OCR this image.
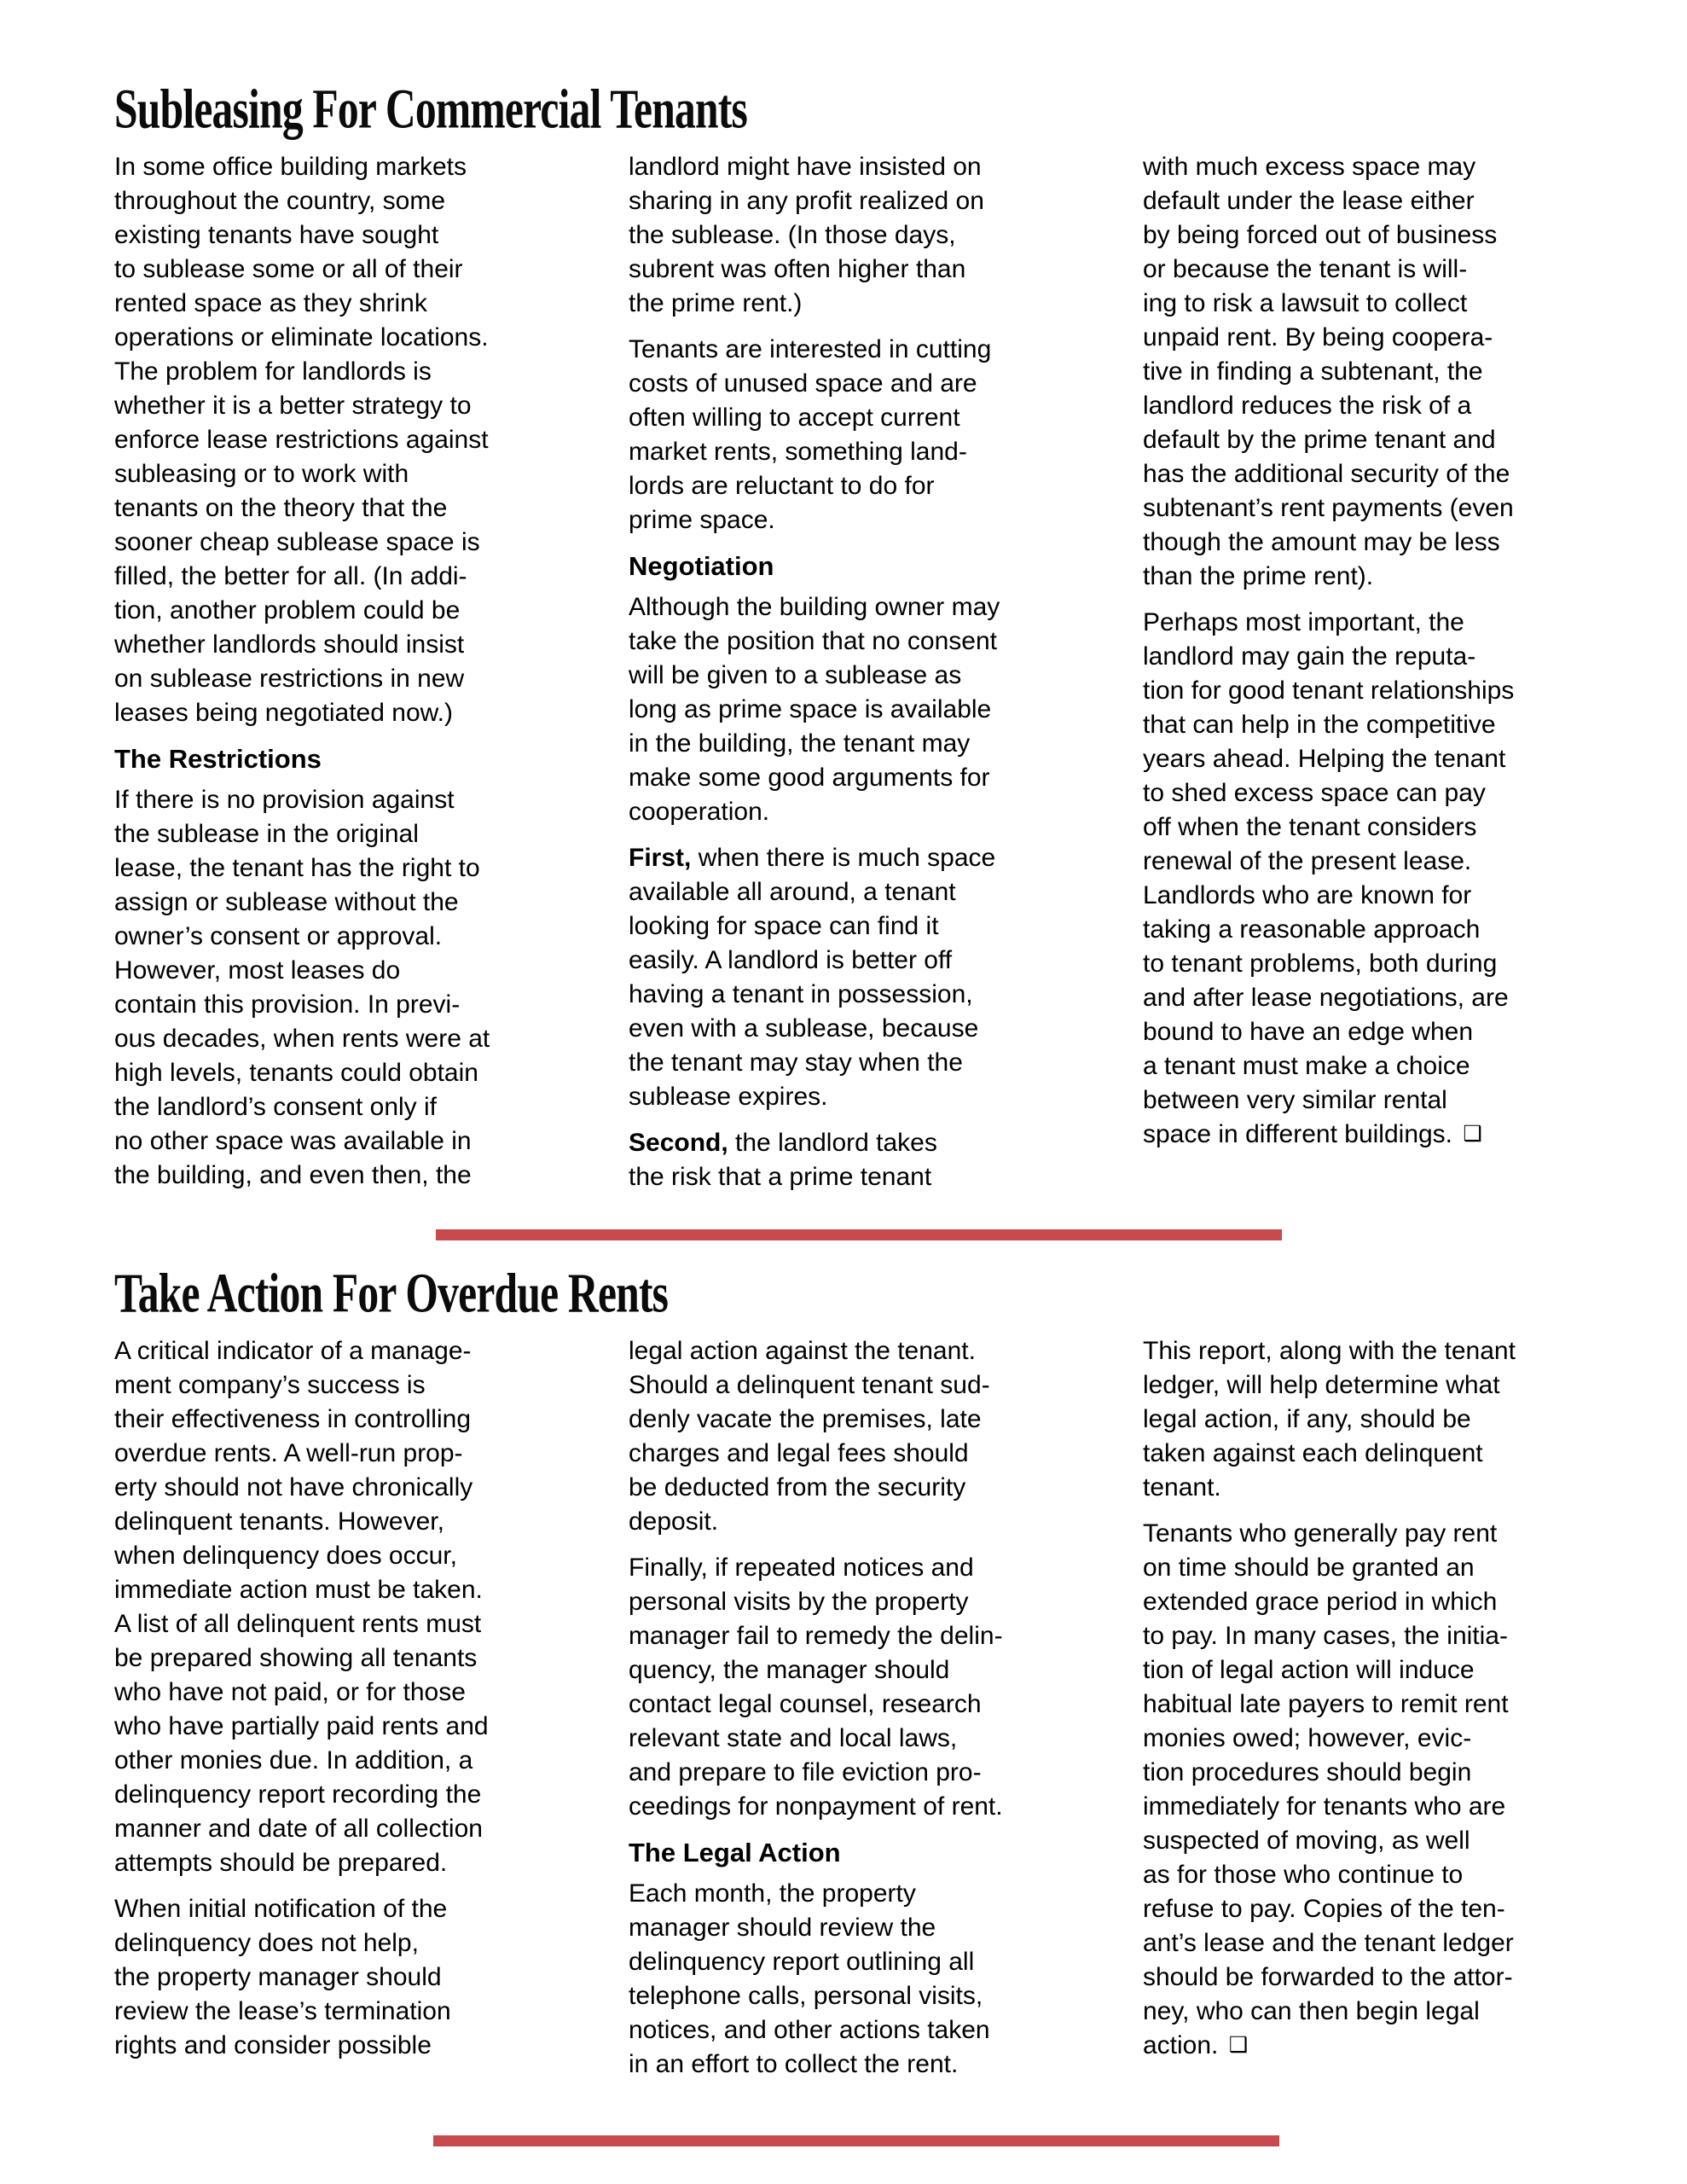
Subleasing For Commercial Tenants

In some office building markets
throughout the country, some
existing tenants have sought
to sublease some or all of their
rented space as they shrink
operations or eliminate locations.
The problem for landlords is
whether it is a better strategy to
enforce lease restrictions against
subleasing or to work with
tenants on the theory that the
sooner cheap sublease space is
filled, the better for all. (In addi-
tion, another problem could be
whether landlords should insist
on sublease restrictions in new
leases being negotiated now.)

The Restrictions

If there is no provision against
the sublease in the original
lease, the tenant has the right to
assign or sublease without the
owner’s consent or approval.
However, most leases do
contain this provision. In previ-
ous decades, when rents were at
high levels, tenants could obtain
the landlord’s consent only if
no other space was available in
the building, and even then, the

landlord might have insisted on
sharing in any profit realized on
the sublease. (In those days,
subrent was often higher than
the prime rent.)

Tenants are interested in cutting
costs of unused space and are
often willing to accept current
market rents, something land-
lords are reluctant to do for
prime space.

Negotiation

Although the building owner may
take the position that no consent
will be given to a sublease as
long as prime space is available
in the building, the tenant may
make some good arguments for
cooperation.

First, when there is much space
available all around, a tenant
looking for space can find it
easily. A landlord is better off
having a tenant in possession,
even with a sublease, because
the tenant may stay when the
sublease expires.

Second, the landlord takes
the risk that a prime tenant

with much excess space may
default under the lease either
by being forced out of business
or because the tenant is will-
ing to risk a lawsuit to collect
unpaid rent. By being coopera-
tive in finding a subtenant, the
landlord reduces the risk of a
default by the prime tenant and
has the additional security of the
subtenant’s rent payments (even
though the amount may be less
than the prime rent).

Perhaps most important, the
landlord may gain the reputa-
tion for good tenant relationships
that can help in the competitive
years ahead. Helping the tenant
to shed excess space can pay
off when the tenant considers
renewal of the present lease.
Landlords who are known for
taking a reasonable approach
to tenant problems, both during
and after lease negotiations, are
bound to have an edge when
a tenant must make a choice
between very similar rental
space in different buildings. ❑

Take Action For Overdue Rents

A critical indicator of a manage-
ment company’s success is
their effectiveness in controlling
overdue rents. A well-run prop-
erty should not have chronically
delinquent tenants. However,
when delinquency does occur,
immediate action must be taken.
A list of all delinquent rents must
be prepared showing all tenants
who have not paid, or for those
who have partially paid rents and
other monies due. In addition, a
delinquency report recording the
manner and date of all collection
attempts should be prepared.

When initial notification of the
delinquency does not help,
the property manager should
review the lease’s termination
rights and consider possible

legal action against the tenant.
Should a delinquent tenant sud-
denly vacate the premises, late
charges and legal fees should
be deducted from the security
deposit.

Finally, if repeated notices and
personal visits by the property
manager fail to remedy the delin-
quency, the manager should
contact legal counsel, research
relevant state and local laws,
and prepare to file eviction pro-
ceedings for nonpayment of rent.

The Legal Action

Each month, the property
manager should review the
delinquency report outlining all
telephone calls, personal visits,
notices, and other actions taken
in an effort to collect the rent.

This report, along with the tenant
ledger, will help determine what
legal action, if any, should be
taken against each delinquent
tenant.

Tenants who generally pay rent
on time should be granted an
extended grace period in which
to pay. In many cases, the initia-
tion of legal action will induce
habitual late payers to remit rent
monies owed; however, evic-
tion procedures should begin
immediately for tenants who are
suspected of moving, as well
as for those who continue to
refuse to pay. Copies of the ten-
ant’s lease and the tenant ledger
should be forwarded to the attor-
ney, who can then begin legal
action. ❑
